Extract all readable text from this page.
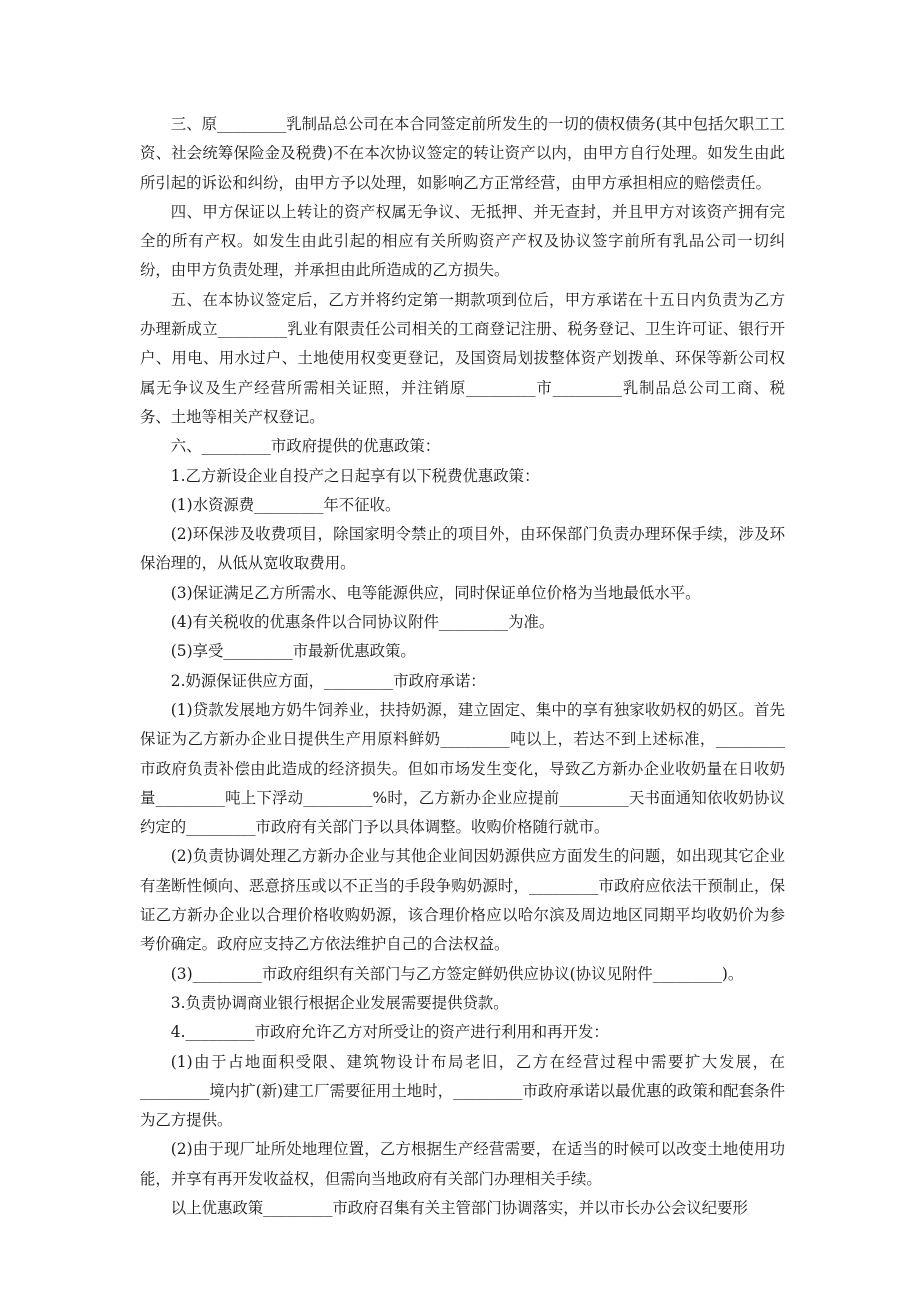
三、原_________乳制品总公司在本合同签定前所发生的一切的债权债务(其中包括欠职工工资、社会统筹保险金及税费)不在本次协议签定的转让资产以内，由甲方自行处理。如发生由此所引起的诉讼和纠纷，由甲方予以处理，如影响乙方正常经营，由甲方承担相应的赔偿责任。

四、甲方保证以上转让的资产权属无争议、无抵押、并无查封，并且甲方对该资产拥有完全的所有产权。如发生由此引起的相应有关所购资产产权及协议签字前所有乳品公司一切纠纷，由甲方负责处理，并承担由此所造成的乙方损失。

五、在本协议签定后，乙方并将约定第一期款项到位后，甲方承诺在十五日内负责为乙方办理新成立_________乳业有限责任公司相关的工商登记注册、税务登记、卫生许可证、银行开户、用电、用水过户、土地使用权变更登记，及国资局划拔整体资产划拨单、环保等新公司权属无争议及生产经营所需相关证照，并注销原_________市_________乳制品总公司工商、税务、土地等相关产权登记。

六、_________市政府提供的优惠政策：

1.乙方新设企业自投产之日起享有以下税费优惠政策：

(1)水资源费_________年不征收。

(2)环保涉及收费项目，除国家明令禁止的项目外，由环保部门负责办理环保手续，涉及环保治理的，从低从宽收取费用。

(3)保证满足乙方所需水、电等能源供应，同时保证单位价格为当地最低水平。

(4)有关税收的优惠条件以合同协议附件_________为准。

(5)享受_________市最新优惠政策。

2.奶源保证供应方面，_________市政府承诺：

(1)贷款发展地方奶牛饲养业，扶持奶源，建立固定、集中的享有独家收奶权的奶区。首先保证为乙方新办企业日提供生产用原料鲜奶_________吨以上，若达不到上述标准，_________市政府负责补偿由此造成的经济损失。但如市场发生变化，导致乙方新办企业收奶量在日收奶量_________吨上下浮动_________%时，乙方新办企业应提前_________天书面通知依收奶协议约定的_________市政府有关部门予以具体调整。收购价格随行就市。

(2)负责协调处理乙方新办企业与其他企业间因奶源供应方面发生的问题，如出现其它企业有垄断性倾向、恶意挤压或以不正当的手段争购奶源时，_________市政府应依法干预制止，保证乙方新办企业以合理价格收购奶源，该合理价格应以哈尔滨及周边地区同期平均收奶价为参考价确定。政府应支持乙方依法维护自己的合法权益。

(3)_________市政府组织有关部门与乙方签定鲜奶供应协议(协议见附件_________)。

3.负责协调商业银行根据企业发展需要提供贷款。

4._________市政府允许乙方对所受让的资产进行利用和再开发：

(1)由于占地面积受限、建筑物设计布局老旧，乙方在经营过程中需要扩大发展，在_________境内扩(新)建工厂需要征用土地时，_________市政府承诺以最优惠的政策和配套条件为乙方提供。

(2)由于现厂址所处地理位置，乙方根据生产经营需要，在适当的时候可以改变土地使用功能，并享有再开发收益权，但需向当地政府有关部门办理相关手续。

以上优惠政策_________市政府召集有关主管部门协调落实，并以市长办公会议纪要形
